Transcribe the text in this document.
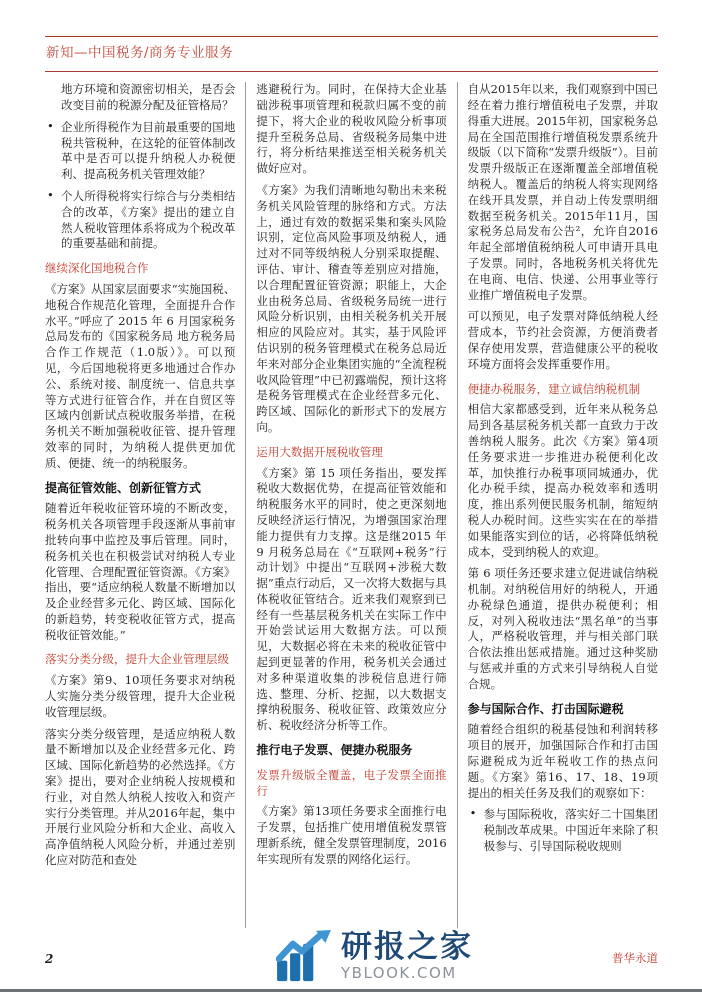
新知—中国税务/商务专业服务
地方环境和资源密切相关，是否会改变目前的税源分配及征管格局？
• 企业所得税作为目前最重要的国地税共管税种，在这轮的征管体制改革中是否可以提升纳税人办税便利、提高税务机关管理效能？
• 个人所得税将实行综合与分类相结合的改革，《方案》提出的建立自然人税收管理体系将成为个税改革的重要基础和前提。
继续深化国地税合作
《方案》从国家层面要求“实施国税、地税合作规范化管理，全面提升合作水平。”呼应了 2015 年 6 月国家税务总局发布的《国家税务局 地方税务局合作工作规范（1.0版）》。可以预见，今后国地税将更多地通过合作办公、系统对接、制度统一、信息共享等方式进行征管合作，并在自贸区等区域内创新试点税收服务举措，在税务机关不断加强税收征管、提升管理效率的同时，为纳税人提供更加优质、便捷、统一的纳税服务。
提高征管效能、创新征管方式
随着近年税收征管环境的不断改变，税务机关各项管理手段逐渐从事前审批转向事中监控及事后管理。同时，税务机关也在积极尝试对纳税人专业化管理、合理配置征管资源。《方案》指出，要“适应纳税人数量不断增加以及企业经营多元化、跨区域、国际化的新趋势，转变税收征管方式，提高税收征管效能。”
落实分类分级，提升大企业管理层级
《方案》第9、10项任务要求对纳税人实施分类分级管理，提升大企业税收管理层级。
落实分类分级管理，是适应纳税人数量不断增加以及企业经营多元化、跨区域、国际化新趋势的必然选择。《方案》提出，要对企业纳税人按规模和行业，对自然人纳税人按收入和资产实行分类管理。并从2016年起，集中开展行业风险分析和大企业、高收入高净值纳税人风险分析，并通过差别化应对防范和查处
逃避税行为。同时，在保持大企业基础涉税事项管理和税款归属不变的前提下，将大企业的税收风险分析事项提升至税务总局、省级税务局集中进行，将分析结果推送至相关税务机关做好应对。
《方案》为我们清晰地勾勒出未来税务机关风险管理的脉络和方式。方法上，通过有效的数据采集和案头风险识别，定位高风险事项及纳税人，通过对不同等级纳税人分别采取提醒、评估、审计、稽查等差别应对措施，以合理配置征管资源；职能上，大企业由税务总局、省级税务局统一进行风险分析识别，由相关税务机关开展相应的风险应对。其实，基于风险评估识别的税务管理模式在税务总局近年来对部分企业集团实施的“全流程税收风险管理”中已初露端倪，预计这将是税务管理模式在企业经营多元化、跨区域、国际化的新形式下的发展方向。
运用大数据开展税收管理
《方案》第 15 项任务指出，要发挥税收大数据优势，在提高征管效能和纳税服务水平的同时，使之更深刻地反映经济运行情况，为增强国家治理能力提供有力支撑。这是继2015 年 9 月税务总局在《“互联网+税务”行动计划》中提出“互联网+涉税大数据”重点行动后，又一次将大数据与具体税收征管结合。近来我们观察到已经有一些基层税务机关在实际工作中开始尝试运用大数据方法。可以预见，大数据必将在未来的税收征管中起到更显著的作用，税务机关会通过对多种渠道收集的涉税信息进行筛选、整理、分析、挖掘，以大数据支撑纳税服务、税收征管、政策效应分析、税收经济分析等工作。
推行电子发票、便捷办税服务
发票升级版全覆盖，电子发票全面推行
《方案》第13项任务要求全面推行电子发票，包括推广使用增值税发票管理新系统，健全发票管理制度，2016年实现所有发票的网络化运行。
自从2015年以来，我们观察到中国已经在着力推行增值税电子发票，并取得重大进展。2015年初，国家税务总局在全国范围推行增值税发票系统升级版（以下简称“发票升级版”）。目前发票升级版正在逐渐覆盖全部增值税纳税人。覆盖后的纳税人将实现网络在线开具发票，并自动上传发票明细数据至税务机关。2015年11月，国家税务总局发布公告²，允许自2016年起全部增值税纳税人可申请开具电子发票。同时，各地税务机关将优先在电商、电信、快递、公用事业等行业推广增值税电子发票。
可以预见，电子发票对降低纳税人经营成本，节约社会资源，方便消费者保存使用发票，营造健康公平的税收环境方面将会发挥重要作用。
便捷办税服务，建立诚信纳税机制
相信大家都感受到，近年来从税务总局到各基层税务机关都一直致力于改善纳税人服务。此次《方案》第4项任务要求进一步推进办税便利化改革，加快推行办税事项同城通办，优化办税手续，提高办税效率和透明度，推出系列便民服务机制，缩短纳税人办税时间。这些实实在在的举措如果能落实到位的话，必将降低纳税成本，受到纳税人的欢迎。
第 6 项任务还要求建立促进诚信纳税机制。对纳税信用好的纳税人，开通办税绿色通道，提供办税便利；相反，对列入税收违法“黑名单”的当事人，严格税收管理，并与相关部门联合依法推出惩戒措施。通过这种奖励与惩戒并重的方式来引导纳税人自觉合规。
参与国际合作、打击国际避税
随着经合组织的税基侵蚀和利润转移项目的展开，加强国际合作和打击国际避税成为近年税收工作的热点问题。《方案》第16、17、18、19项提出的相关任务及我们的观察如下：
• 参与国际税收，落实好二十国集团税制改革成果。中国近年来除了积极参与、引导国际税收规则
2	普华永道
研报之家
YBLOOK.COM
